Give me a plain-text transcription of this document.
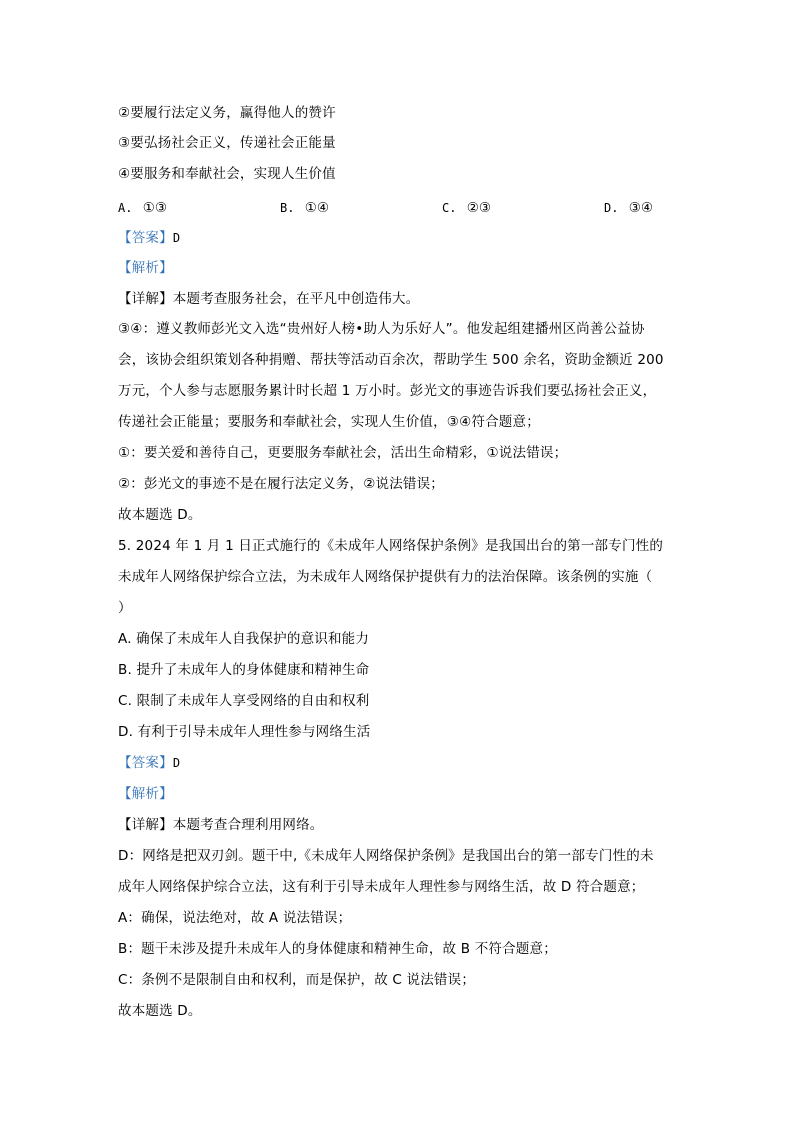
②要履行法定义务，赢得他人的赞许
③要弘扬社会正义，传递社会正能量
④要服务和奉献社会，实现人生价值
A. ①③	B. ①④	C. ②③	D. ③④
【答案】D
【解析】
【详解】本题考查服务社会，在平凡中创造伟大。
③④：遵义教师彭光文入选“贵州好人榜•助人为乐好人”。他发起组建播州区尚善公益协
会，该协会组织策划各种捐赠、帮扶等活动百余次，帮助学生 500 余名，资助金额近 200
万元，个人参与志愿服务累计时长超 1 万小时。彭光文的事迹告诉我们要弘扬社会正义，
传递社会正能量；要服务和奉献社会，实现人生价值，③④符合题意；
①：要关爱和善待自己，更要服务奉献社会，活出生命精彩，①说法错误；
②：彭光文的事迹不是在履行法定义务，②说法错误；
故本题选 D。
5. 2024 年 1 月 1 日正式施行的《未成年人网络保护条例》是我国出台的第一部专门性的
未成年人网络保护综合立法，为未成年人网络保护提供有力的法治保障。该条例的实施（
）
A. 确保了未成年人自我保护的意识和能力
B. 提升了未成年人的身体健康和精神生命
C. 限制了未成年人享受网络的自由和权利
D. 有利于引导未成年人理性参与网络生活
【答案】D
【解析】
【详解】本题考查合理利用网络。
D：网络是把双刃剑。题干中,《未成年人网络保护条例》是我国出台的第一部专门性的未
成年人网络保护综合立法，这有利于引导未成年人理性参与网络生活，故 D 符合题意；
A：确保，说法绝对，故 A 说法错误；
B：题干未涉及提升未成年人的身体健康和精神生命，故 B 不符合题意；
C：条例不是限制自由和权利，而是保护，故 C 说法错误；
故本题选 D。
